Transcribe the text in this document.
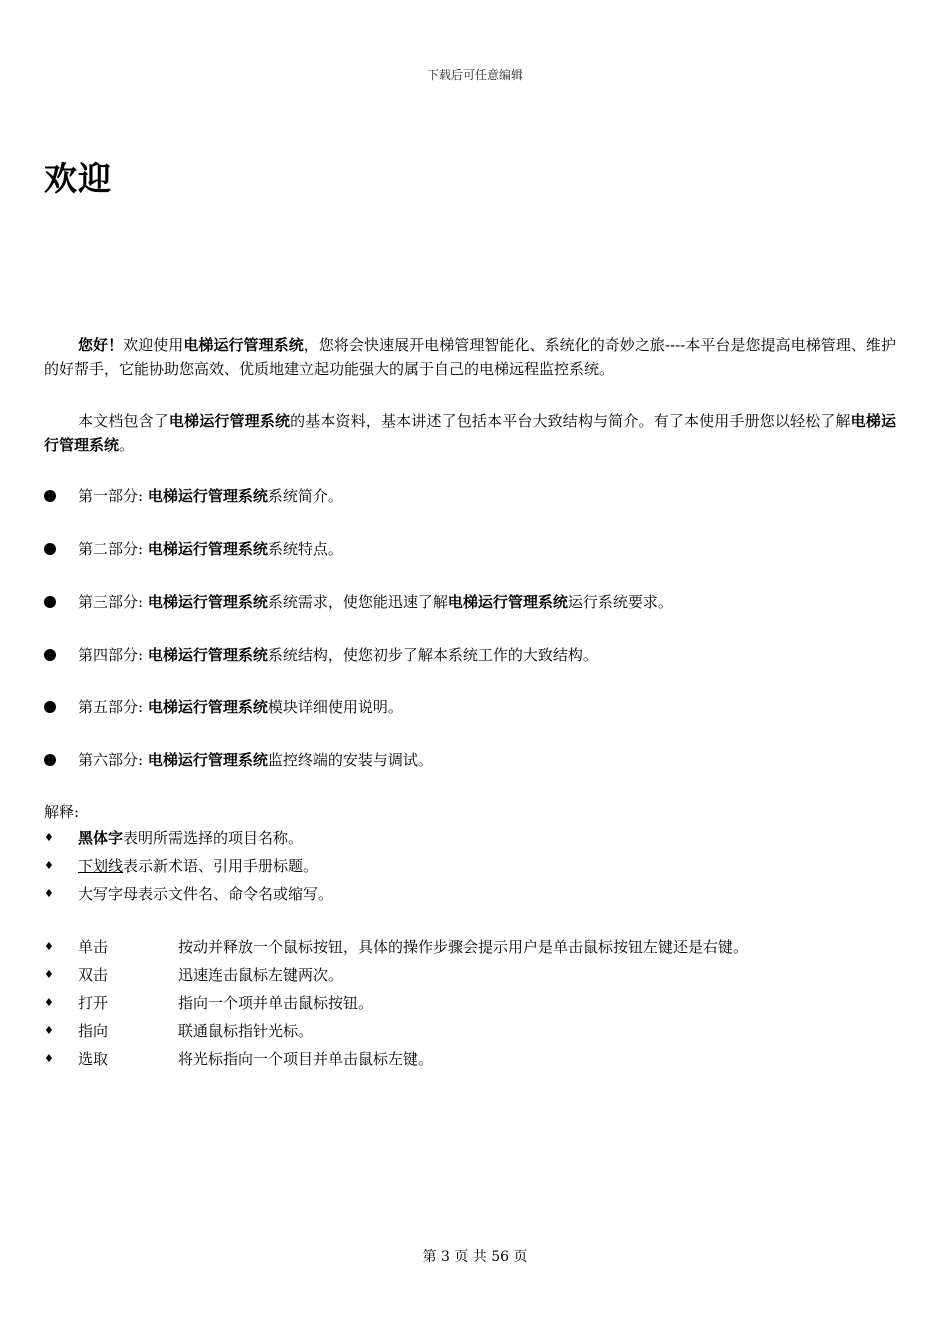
下载后可任意编辑
欢迎

您好！欢迎使用电梯运行管理系统，您将会快速展开电梯管理智能化、系统化的奇妙之旅----本平台是您提高电梯管理、维护的好帮手，它能协助您高效、优质地建立起功能强大的属于自己的电梯远程监控系统。

本文档包含了电梯运行管理系统的基本资料，基本讲述了包括本平台大致结构与简介。有了本使用手册您以轻松了解电梯运行管理系统。

第一部分: 电梯运行管理系统系统简介。
第二部分: 电梯运行管理系统系统特点。
第三部分: 电梯运行管理系统系统需求，使您能迅速了解电梯运行管理系统运行系统要求。
第四部分: 电梯运行管理系统系统结构，使您初步了解本系统工作的大致结构。
第五部分: 电梯运行管理系统模块详细使用说明。
第六部分: 电梯运行管理系统监控终端的安装与调试。
解释:
♦ 黑体字表明所需选择的项目名称。
♦ 下划线表示新术语、引用手册标题。
♦ 大写字母表示文件名、命令名或缩写。
♦ 单击	按动并释放一个鼠标按钮，具体的操作步骤会提示用户是单击鼠标按钮左键还是右键。
♦ 双击	迅速连击鼠标左键两次。
♦ 打开	指向一个项并单击鼠标按钮。
♦ 指向	联通鼠标指针光标。
♦ 选取	将光标指向一个项目并单击鼠标左键。
第 3 页 共 56 页
